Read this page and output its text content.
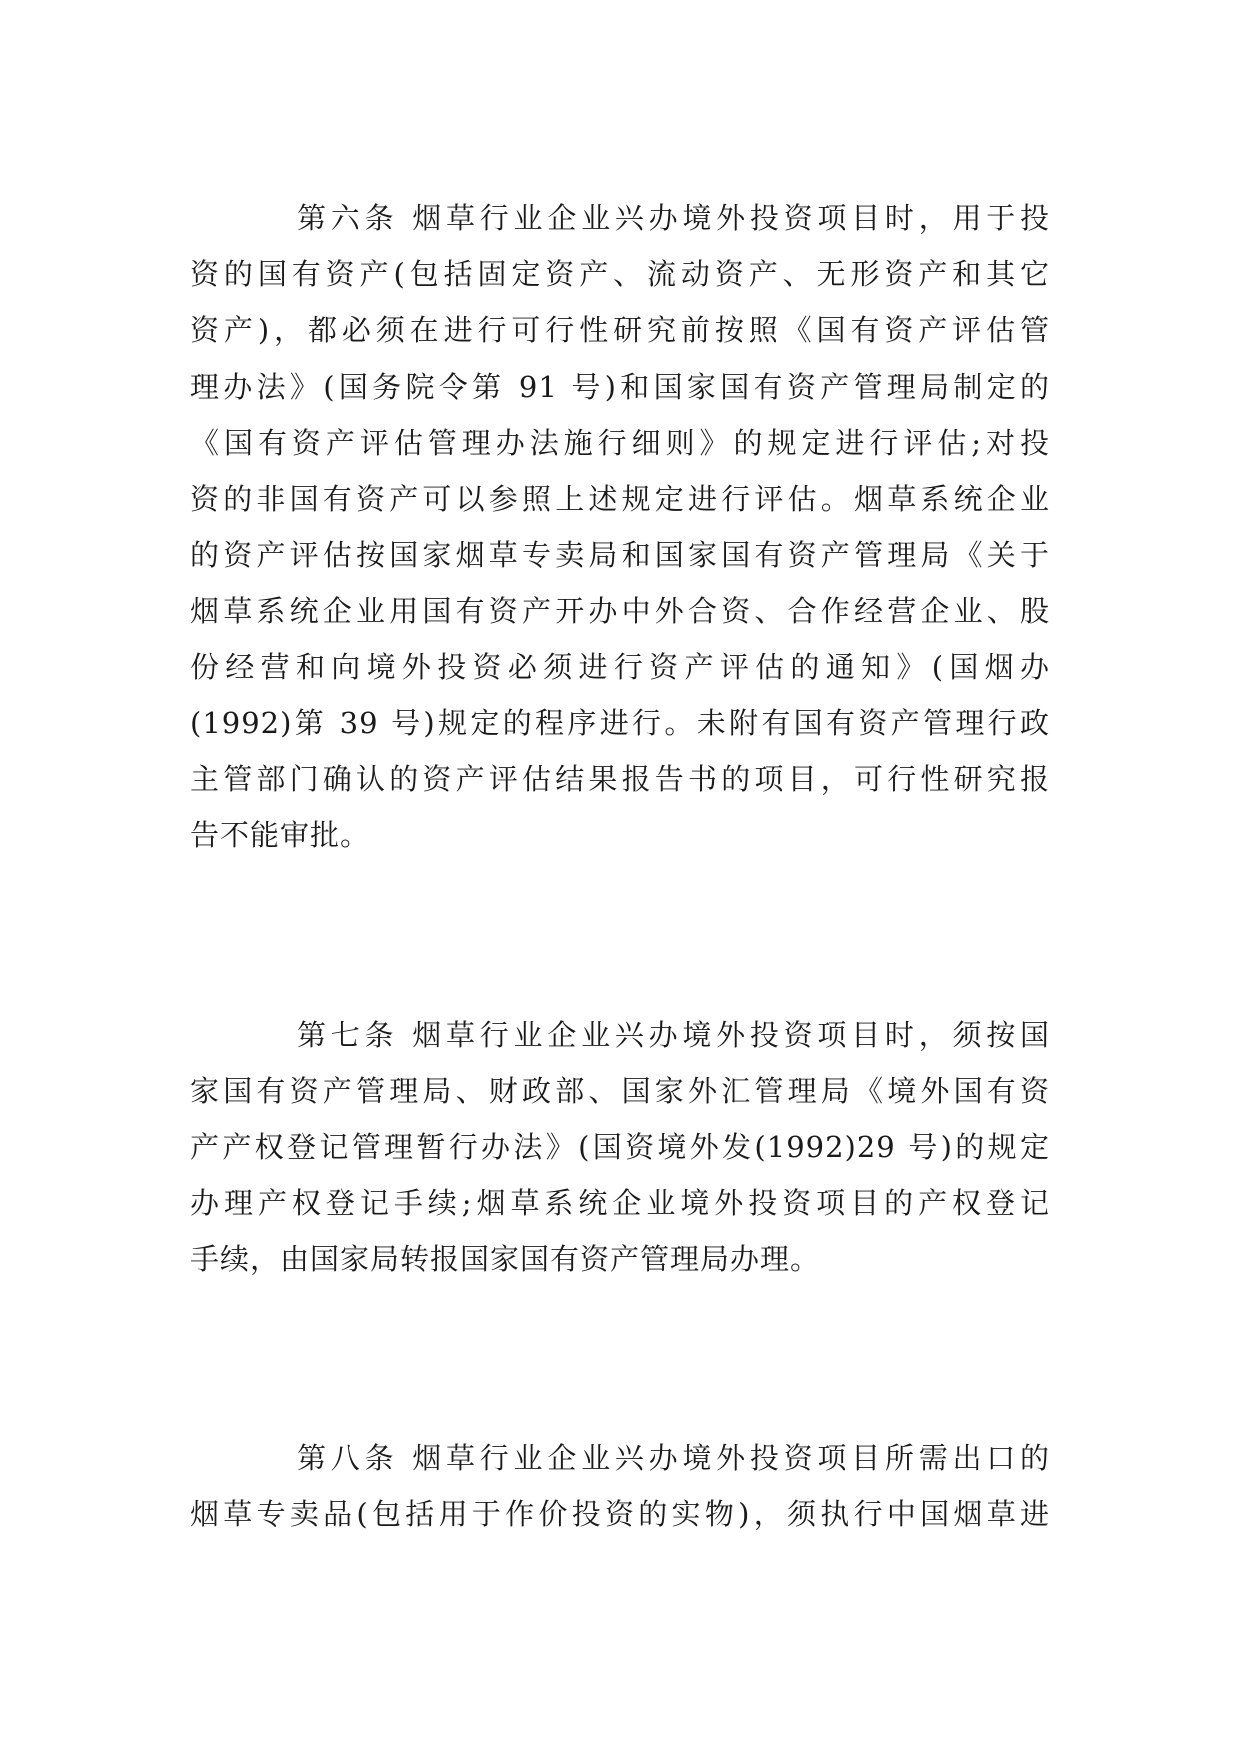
第六条 烟草行业企业兴办境外投资项目时，用于投
资的国有资产(包括固定资产、流动资产、无形资产和其它
资产)，都必须在进行可行性研究前按照《国有资产评估管
理办法》(国务院令第 91 号)和国家国有资产管理局制定的
《国有资产评估管理办法施行细则》的规定进行评估;对投
资的非国有资产可以参照上述规定进行评估。烟草系统企业
的资产评估按国家烟草专卖局和国家国有资产管理局《关于
烟草系统企业用国有资产开办中外合资、合作经营企业、股
份经营和向境外投资必须进行资产评估的通知》(国烟办
(1992)第 39 号)规定的程序进行。未附有国有资产管理行政
主管部门确认的资产评估结果报告书的项目，可行性研究报
告不能审批。
第七条 烟草行业企业兴办境外投资项目时，须按国
家国有资产管理局、财政部、国家外汇管理局《境外国有资
产产权登记管理暂行办法》(国资境外发(1992)29 号)的规定
办理产权登记手续;烟草系统企业境外投资项目的产权登记
手续，由国家局转报国家国有资产管理局办理。
第八条 烟草行业企业兴办境外投资项目所需出口的
烟草专卖品(包括用于作价投资的实物)，须执行中国烟草进
